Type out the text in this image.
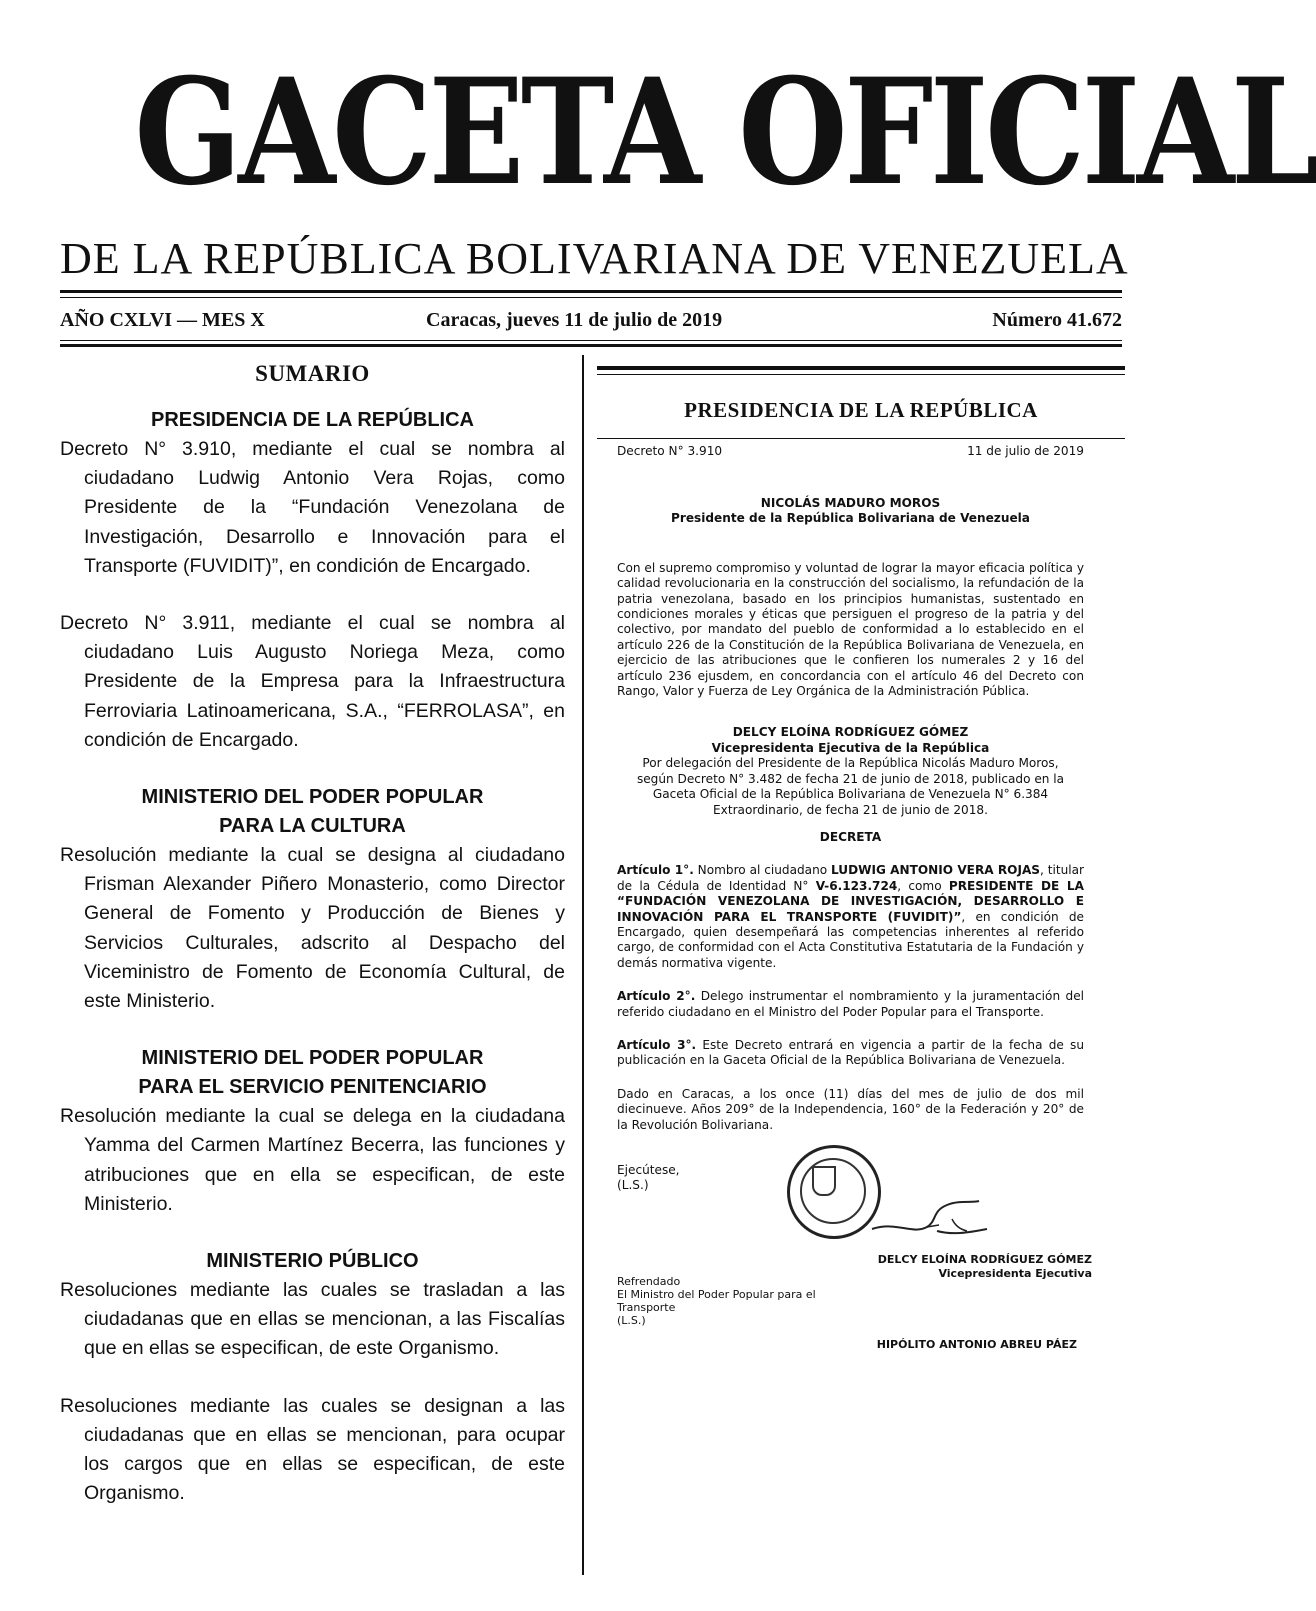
GACETA OFICIAL
DE LA REPÚBLICA BOLIVARIANA DE VENEZUELA
AÑO CXLVI — MES X	Caracas, jueves 11 de julio de 2019	Número 41.672
SUMARIO
PRESIDENCIA DE LA REPÚBLICA

Decreto N° 3.910, mediante el cual se nombra al ciudadano Ludwig Antonio Vera Rojas, como Presidente de la “Fundación Venezolana de Investigación, Desarrollo e Innovación para el Transporte (FUVIDIT)”, en condición de Encargado.

Decreto N° 3.911, mediante el cual se nombra al ciudadano Luis Augusto Noriega Meza, como Presidente de la Empresa para la Infraestructura Ferroviaria Latinoamericana, S.A., “FERROLASA”, en condición de Encargado.

MINISTERIO DEL PODER POPULAR
PARA LA CULTURA

Resolución mediante la cual se designa al ciudadano Frisman Alexander Piñero Monasterio, como Director General de Fomento y Producción de Bienes y Servicios Culturales, adscrito al Despacho del Viceministro de Fomento de Economía Cultural, de este Ministerio.

MINISTERIO DEL PODER POPULAR
PARA EL SERVICIO PENITENCIARIO

Resolución mediante la cual se delega en la ciudadana Yamma del Carmen Martínez Becerra, las funciones y atribuciones que en ella se especifican, de este Ministerio.

MINISTERIO PÚBLICO

Resoluciones mediante las cuales se trasladan a las ciudadanas que en ellas se mencionan, a las Fiscalías que en ellas se especifican, de este Organismo.

Resoluciones mediante las cuales se designan a las ciudadanas que en ellas se mencionan, para ocupar los cargos que en ellas se especifican, de este Organismo.

PRESIDENCIA DE LA REPÚBLICA
Decreto N° 3.910	11 de julio de 2019

NICOLÁS MADURO MOROS

Presidente de la República Bolivariana de Venezuela

Con el supremo compromiso y voluntad de lograr la mayor eficacia política y calidad revolucionaria en la construcción del socialismo, la refundación de la patria venezolana, basado en los principios humanistas, sustentado en condiciones morales y éticas que persiguen el progreso de la patria y del colectivo, por mandato del pueblo de conformidad a lo establecido en el artículo 226 de la Constitución de la República Bolivariana de Venezuela, en ejercicio de las atribuciones que le confieren los numerales 2 y 16 del artículo 236 ejusdem, en concordancia con el artículo 46 del Decreto con Rango, Valor y Fuerza de Ley Orgánica de la Administración Pública.

DELCY ELOÍNA RODRÍGUEZ GÓMEZ

Vicepresidenta Ejecutiva de la República

Por delegación del Presidente de la República Nicolás Maduro Moros,

según Decreto N° 3.482 de fecha 21 de junio de 2018, publicado en la

Gaceta Oficial de la República Bolivariana de Venezuela N° 6.384

Extraordinario, de fecha 21 de junio de 2018.

DECRETA

Artículo 1°. Nombro al ciudadano LUDWIG ANTONIO VERA ROJAS, titular de la Cédula de Identidad N° V-6.123.724, como PRESIDENTE DE LA “FUNDACIÓN VENEZOLANA DE INVESTIGACIÓN, DESARROLLO E INNOVACIÓN PARA EL TRANSPORTE (FUVIDIT)”, en condición de Encargado, quien desempeñará las competencias inherentes al referido cargo, de conformidad con el Acta Constitutiva Estatutaria de la Fundación y demás normativa vigente.

Artículo 2°. Delego instrumentar el nombramiento y la juramentación del referido ciudadano en el Ministro del Poder Popular para el Transporte.

Artículo 3°. Este Decreto entrará en vigencia a partir de la fecha de su publicación en la Gaceta Oficial de la República Bolivariana de Venezuela.

Dado en Caracas, a los once (11) días del mes de julio de dos mil diecinueve. Años 209° de la Independencia, 160° de la Federación y 20° de la Revolución Bolivariana.

Ejecútese,

(L.S.)

DELCY ELOÍNA RODRÍGUEZ GÓMEZ
Vicepresidenta Ejecutiva
Refrendado
El Ministro del Poder Popular para el
Transporte
(L.S.)
HIPÓLITO ANTONIO ABREU PÁEZ
